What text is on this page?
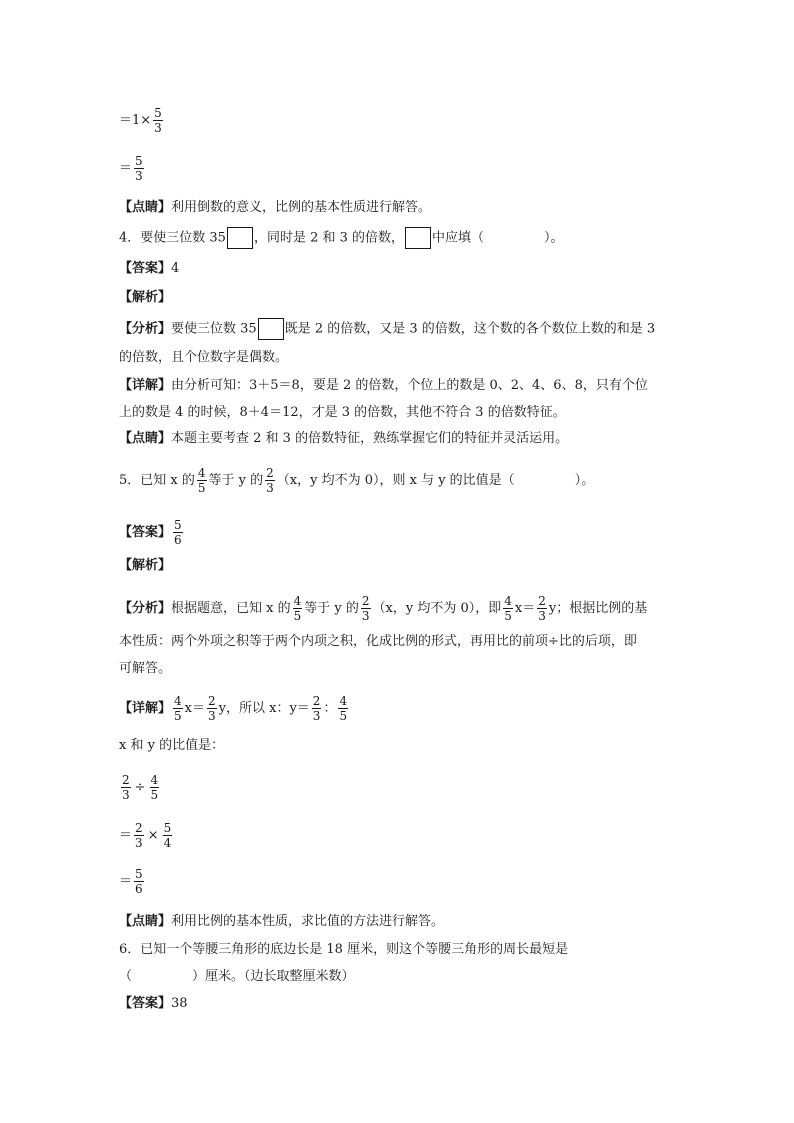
$=1\times \frac{5}{3}$
＝ $\frac{5}{3}$
【点睛】利用倒数的意义，比例的基本性质进行解答。
4．要使三位数 35 ，同时是 2 和 3 的倍数， 中应填（	）。
【答案】4
【解析】
【分析】要使三位数 35 既是 2 的倍数，又是 3 的倍数，这个数的各个数位上数的和是 3
的倍数，且个位数字是偶数。
【详解】由分析可知：3＋5＝8，要是 2 的倍数，个位上的数是 0、2、4、6、8，只有个位
上的数是 4 的时候，8＋4＝12，才是 3 的倍数，其他不符合 3 的倍数特征。
【点睛】本题主要考查 2 和 3 的倍数特征，熟练掌握它们的特征并灵活运用。
5．已知 x 的 $\frac{4}{5}$ 等于 y 的 $\frac{2}{3} (x$，y 均不为 0），则 x 与 y 的比值是（	）。
【答案】 $\frac{5}{6}$
【解析】
【分析】根据题意，已知 x 的 $\frac{4}{5}$ 等于 y 的 $\frac{2}{3} (x$，y 均不为 0），即 $\frac{4}{5} x= \frac{2}{3}$ y；根据比例的基
本性质：两个外项之积等于两个内项之积，化成比例的形式，再用比的前项÷比的后项，即
可解答。
【详解】 $\frac{4}{5} x= \frac{2}{3}$ y，所以 x：$y= \frac{2}{3}$ ： $\frac{4}{5}$
x 和 y 的比值是：
$\frac{2}{3} \div \frac{4}{5}$
＝ $\frac{2}{3} \times \frac{5}{4}$
＝ $\frac{5}{6}$
【点睛】利用比例的基本性质，求比值的方法进行解答。
6．已知一个等腰三角形的底边长是 18 厘米，则这个等腰三角形的周长最短是
（	）厘米。（边长取整厘米数）
【答案】38
